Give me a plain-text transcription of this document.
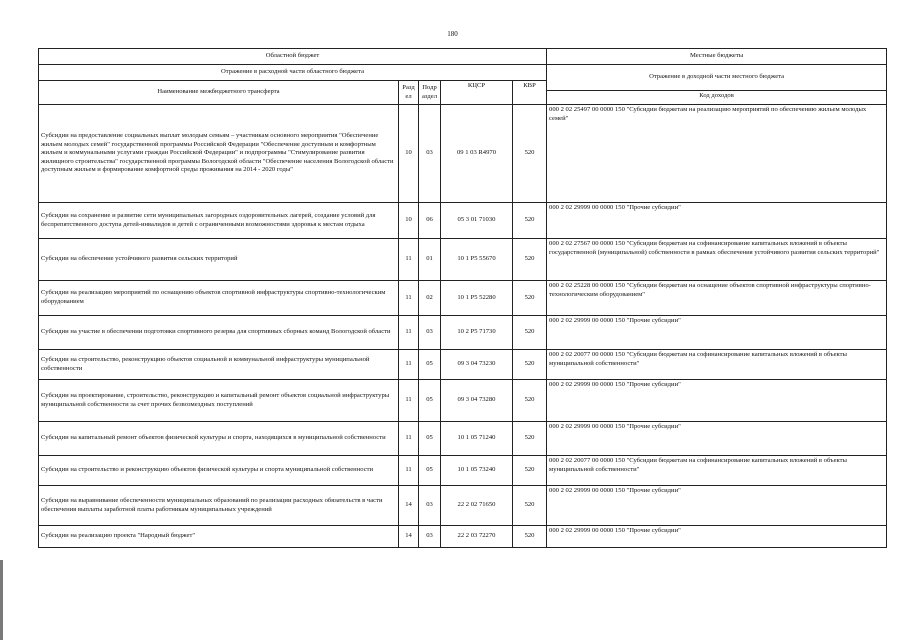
180
Областной бюджет					Местные бюджеты
Отражение в расходной части областного бюджета					Отражение в доходной части местного бюджета
Наименование межбюджетного трансферта	Разд ел	Подр аздел	КЦСР	КВР	
					Код доходов
Субсидии на предоставление социальных выплат молодым семьям – участникам основного мероприятия "Обеспечение жильем молодых семей" государственной программы Российской Федерации "Обеспечение доступным и комфортным жильем и коммунальными услугами граждан Российской Федерации" и подпрограммы "Стимулирование развития жилищного строительства" государственной программы Вологодской области "Обеспечение населения Вологодской области доступным жильем и формирование комфортной среды проживания на 2014 - 2020 годы"	10	03	09 1 03 R4970	520	000 2 02 25497 00 0000 150 "Субсидии бюджетам на реализацию мероприятий по обеспечению жильем молодых семей"
Субсидии на сохранение и развитие сети муниципальных загородных оздоровительных лагерей, создание условий для беспрепятственного доступа детей-инвалидов и детей с ограниченными возможностями здоровья к местам отдыха	10	06	05 3 01 71030	520	000 2 02 29999 00 0000 150 "Прочие субсидии"
Субсидии на обеспечение устойчивого развития сельских территорий	11	01	10 1 P5 55670	520	000 2 02 27567 00 0000 150 "Субсидии бюджетам на софинансирование капитальных вложений в объекты государственной (муниципальной) собственности в рамках обеспечения устойчивого развития сельских территорий"
Субсидии на реализацию мероприятий по оснащению объектов спортивной инфраструктуры спортивно-технологическим оборудованием	11	02	10 1 P5 52280	520	000 2 02 25228 00 0000 150 "Субсидии бюджетам на оснащение объектов спортивной инфраструктуры спортивно-технологическим оборудованием"
Субсидии на участие в обеспечении подготовки спортивного резерва для спортивных сборных команд Вологодской области	11	03	10 2 P5 71730	520	000 2 02 29999 00 0000 150 "Прочие субсидии"
Субсидии на строительство, реконструкцию объектов социальной и коммунальной инфраструктуры муниципальной собственности	11	05	09 3 04 73230	520	000 2 02 20077 00 0000 150 "Субсидии бюджетам на софинансирование капитальных вложений в объекты муниципальной собственности"
Субсидии на проектирование, строительство, реконструкцию и капитальный ремонт объектов социальной инфраструктуры муниципальной собственности за счет прочих безвозмездных поступлений	11	05	09 3 04 73280	520	000 2 02 29999 00 0000 150 "Прочие субсидии"
Субсидии на капитальный ремонт объектов физической культуры и спорта, находящихся в муниципальной собственности	11	05	10 1 05 71240	520	000 2 02 29999 00 0000 150 "Прочие субсидии"
Субсидии на строительство и реконструкцию объектов физической культуры и спорта муниципальной собственности	11	05	10 1 05 73240	520	000 2 02 20077 00 0000 150 "Субсидии бюджетам на софинансирование капитальных вложений в объекты муниципальной собственности"
Субсидии на выравнивание обеспеченности муниципальных образований по реализации расходных обязательств в части обеспечения выплаты заработной платы работникам муниципальных учреждений	14	03	22 2 02 71650	520	000 2 02 29999 00 0000 150 "Прочие субсидии"
Субсидии на реализацию проекта "Народный бюджет"	14	03	22 2 03 72270	520	000 2 02 29999 00 0000 150 "Прочие субсидии"
